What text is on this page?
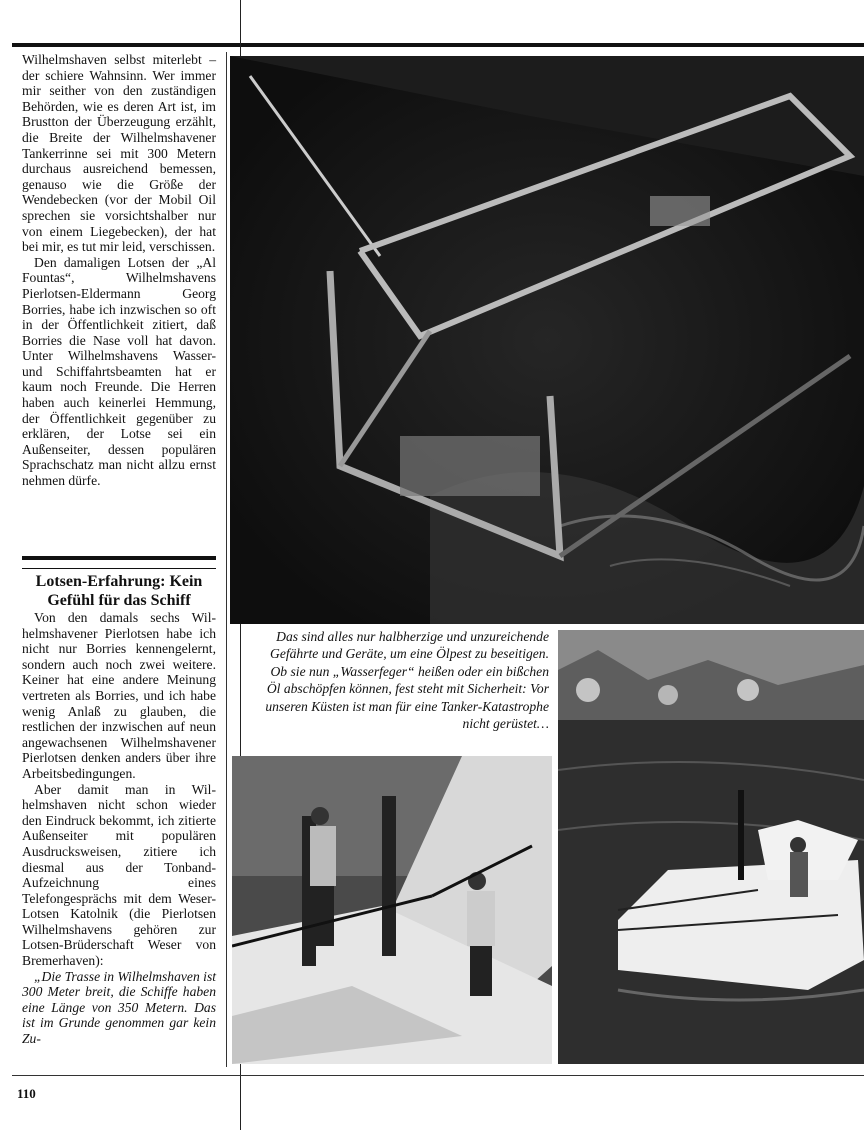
Wilhelmshaven selbst miterlebt – der schiere Wahnsinn. Wer immer mir seither von den zuständigen Behörden, wie es deren Art ist, im Brustton der Überzeugung erzählt, die Breite der Wilhelmshavener Tankerrinne sei mit 300 Metern durchaus ausreichend bemessen, genauso wie die Größe der Wendebecken (vor der Mobil Oil sprechen sie vorsichtshalber nur von einem Liegebecken), der hat bei mir, es tut mir leid, verschissen.

Den damaligen Lotsen der „Al Fountas“, Wilhelmshavens Pierlotsen-Eldermann Georg Borries, habe ich inzwischen so oft in der Öffentlichkeit zitiert, daß Borries die Nase voll hat davon. Unter Wilhelmshavens Wasser- und Schiffahrtsbeamten hat er kaum noch Freunde. Die Herren haben auch keinerlei Hemmung, der Öffentlichkeit gegenüber zu erklären, der Lotse sei ein Außenseiter, dessen populären Sprachschatz man nicht allzu ernst nehmen dürfe.

Lotsen-Erfahrung: Kein Gefühl für das Schiff

Von den damals sechs Wilhelmshavener Pierlotsen habe ich nicht nur Borries kennengelernt, sondern auch noch zwei weitere. Keiner hat eine andere Meinung vertreten als Borries, und ich habe wenig Anlaß zu glauben, die restlichen der inzwischen auf neun angewachsenen Wilhelmshavener Pierlotsen denken anders über ihre Arbeitsbedingungen.

Aber damit man in Wilhelmshaven nicht schon wieder den Eindruck bekommt, ich zitierte Außenseiter mit populären Ausdrucksweisen, zitiere ich diesmal aus der Tonband-Aufzeichnung eines Telefongesprächs mit dem Weser-Lotsen Katolnik (die Pierlotsen Wilhelmshavens gehören zur Lotsen-Brüderschaft Weser von Bremerhaven):

„Die Trasse in Wilhelmshaven ist 300 Meter breit, die Schiffe haben eine Länge von 350 Metern. Das ist im Grunde genommen gar kein Zu-

Das sind alles nur halbherzige und unzureichende Gefährte und Geräte, um eine Ölpest zu beseitigen. Ob sie nun „Wasserfeger“ heißen oder ein bißchen Öl abschöpfen können, fest steht mit Sicherheit: Vor unseren Küsten ist man für eine Tanker-Katastrophe nicht gerüstet…
110
